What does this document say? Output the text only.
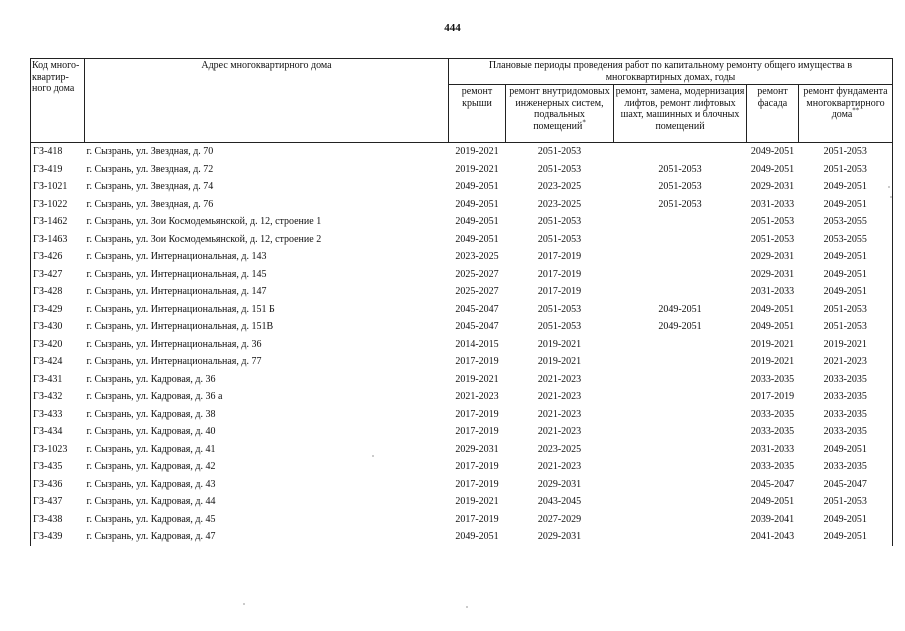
444
Код много-квартир-ного дома	Адрес многоквартирного дома	Плановые периоды проведения работ по капитальному ремонту общего имущества в многоквартирных домах, годы				
		ремонт крыши	ремонт внутридомовых инженерных систем, подвальных помещений*	ремонт, замена, модернизация лифтов, ремонт лифтовых шахт, машинных и блочных помещений	ремонт фасада	ремонт фундамента многоквартирного дома**
ГЗ-418	г. Сызрань, ул. Звездная, д. 70	2019-2021	2051-2053		2049-2051	2051-2053
ГЗ-419	г. Сызрань, ул. Звездная, д. 72	2019-2021	2051-2053	2051-2053	2049-2051	2051-2053
ГЗ-1021	г. Сызрань, ул. Звездная, д. 74	2049-2051	2023-2025	2051-2053	2029-2031	2049-2051
ГЗ-1022	г. Сызрань, ул. Звездная, д. 76	2049-2051	2023-2025	2051-2053	2031-2033	2049-2051
ГЗ-1462	г. Сызрань, ул. Зои Космодемьянской, д. 12, строение 1	2049-2051	2051-2053		2051-2053	2053-2055
ГЗ-1463	г. Сызрань, ул. Зои Космодемьянской, д. 12, строение 2	2049-2051	2051-2053		2051-2053	2053-2055
ГЗ-426	г. Сызрань, ул. Интернациональная, д. 143	2023-2025	2017-2019		2029-2031	2049-2051
ГЗ-427	г. Сызрань, ул. Интернациональная, д. 145	2025-2027	2017-2019		2029-2031	2049-2051
ГЗ-428	г. Сызрань, ул. Интернациональная, д. 147	2025-2027	2017-2019		2031-2033	2049-2051
ГЗ-429	г. Сызрань, ул. Интернациональная, д. 151 Б	2045-2047	2051-2053	2049-2051	2049-2051	2051-2053
ГЗ-430	г. Сызрань, ул. Интернациональная, д. 151В	2045-2047	2051-2053	2049-2051	2049-2051	2051-2053
ГЗ-420	г. Сызрань, ул. Интернациональная, д. 36	2014-2015	2019-2021		2019-2021	2019-2021
ГЗ-424	г. Сызрань, ул. Интернациональная, д. 77	2017-2019	2019-2021		2019-2021	2021-2023
ГЗ-431	г. Сызрань, ул. Кадровая, д. 36	2019-2021	2021-2023		2033-2035	2033-2035
ГЗ-432	г. Сызрань, ул. Кадровая, д. 36 а	2021-2023	2021-2023		2017-2019	2033-2035
ГЗ-433	г. Сызрань, ул. Кадровая, д. 38	2017-2019	2021-2023		2033-2035	2033-2035
ГЗ-434	г. Сызрань, ул. Кадровая, д. 40	2017-2019	2021-2023		2033-2035	2033-2035
ГЗ-1023	г. Сызрань, ул. Кадровая, д. 41	2029-2031	2023-2025		2031-2033	2049-2051
ГЗ-435	г. Сызрань, ул. Кадровая, д. 42	2017-2019	2021-2023		2033-2035	2033-2035
ГЗ-436	г. Сызрань, ул. Кадровая, д. 43	2017-2019	2029-2031		2045-2047	2045-2047
ГЗ-437	г. Сызрань, ул. Кадровая, д. 44	2019-2021	2043-2045		2049-2051	2051-2053
ГЗ-438	г. Сызрань, ул. Кадровая, д. 45	2017-2019	2027-2029		2039-2041	2049-2051
ГЗ-439	г. Сызрань, ул. Кадровая, д. 47	2049-2051	2029-2031		2041-2043	2049-2051
